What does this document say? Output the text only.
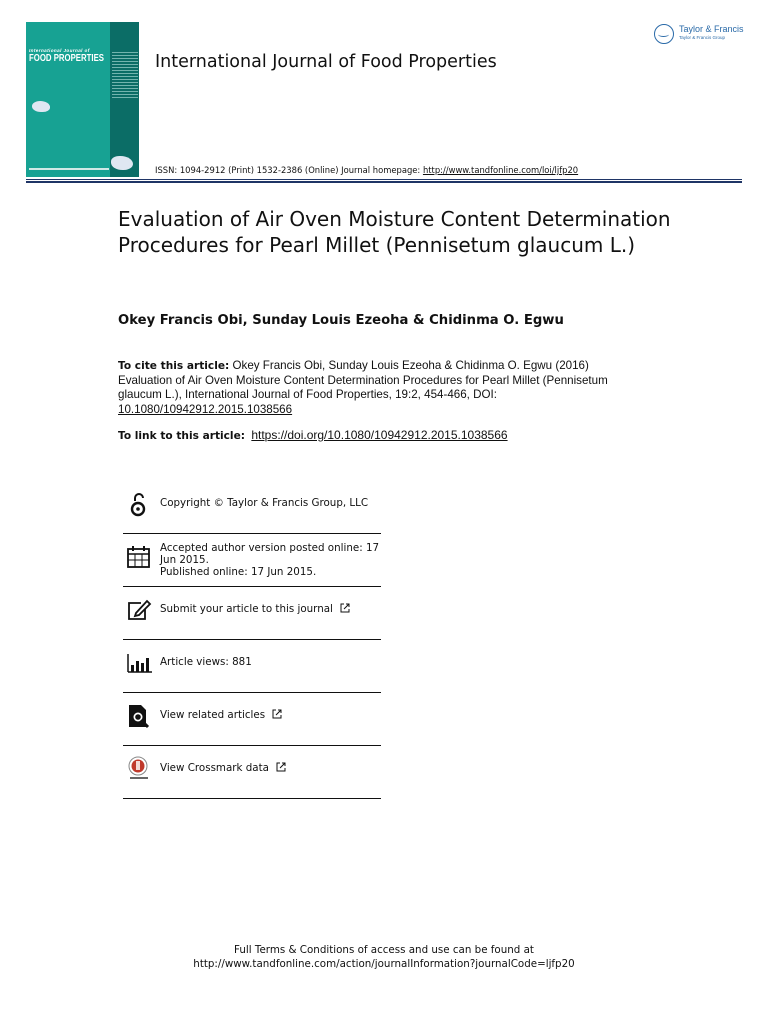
International Journal of
FOOD PROPERTIES	International Journal of Food Properties
ISSN: 1094-2912 (Print) 1532-2386 (Online) Journal homepage: http://www.tandfonline.com/loi/ljfp20
Taylor & Francis
Taylor & Francis Group
Evaluation of Air Oven Moisture Content Determination Procedures for Pearl Millet (Pennisetum glaucum L.)
Okey Francis Obi, Sunday Louis Ezeoha & Chidinma O. Egwu
To cite this article: Okey Francis Obi, Sunday Louis Ezeoha & Chidinma O. Egwu (2016) Evaluation of Air Oven Moisture Content Determination Procedures for Pearl Millet (Pennisetum glaucum L.), International Journal of Food Properties, 19:2, 454-466, DOI: 10.1080/10942912.2015.1038566
To link to this article: https://doi.org/10.1080/10942912.2015.1038566
Copyright © Taylor & Francis Group, LLC
Accepted author version posted online: 17 Jun 2015.
Published online: 17 Jun 2015.
Submit your article to this journal
Article views: 881
View related articles
View Crossmark data
Full Terms & Conditions of access and use can be found at
http://www.tandfonline.com/action/journalInformation?journalCode=ljfp20
